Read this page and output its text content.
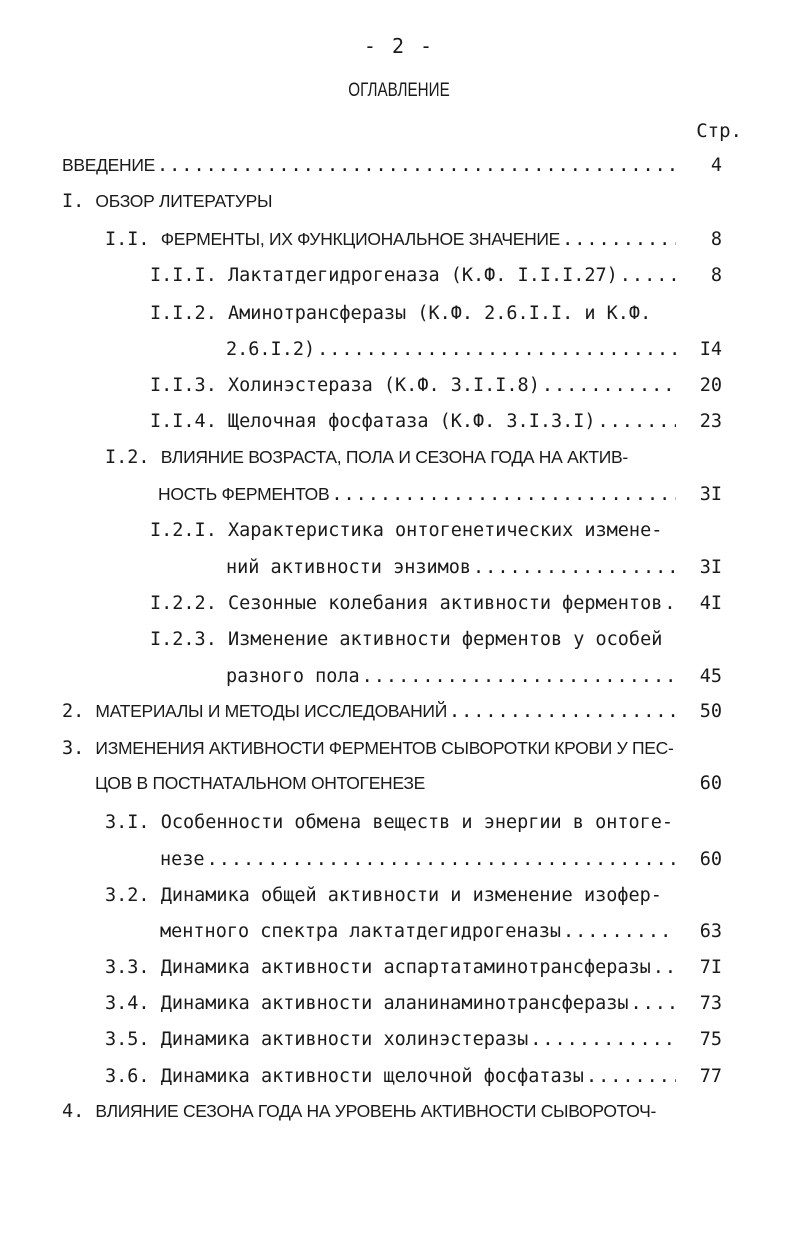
- 2 -
ОГЛАВЛЕНИЕ
Стр.
ВВЕДЕНИЕ .....	4
I. ОБЗОР ЛИТЕРАТУРЫ
I.I.
ФЕРМЕНТЫ, ИХ ФУНКЦИОНАЛЬНОЕ ЗНАЧЕНИЕ .....	8
I.I.I.
Лактатдегидрогеназа (К.Ф. I.I.I.27) .....	8
I.I.2. Аминотрансферазы (К.Ф. 2.6.I.I. и К.Ф.
2.6.I.2) .....	I4
I.I.3.
Холинэстераза (К.Ф. 3.I.I.8) .....	20
I.I.4.
Щелочная фосфатаза (К.Ф. 3.I.3.I) .....	23
I.2. ВЛИЯНИЕ ВОЗРАСТА, ПОЛА И СЕЗОНА ГОДА НА АКТИВ-
НОСТЬ ФЕРМЕНТОВ .....	3I
I.2.I. Характеристика онтогенетических измене-
ний активности энзимов .....	3I
I.2.2.
Сезонные колебания активности ферментов .....	4I
I.2.3. Изменение активности ферментов у особей
разного пола .....	45
2.
МАТЕРИАЛЫ И МЕТОДЫ ИССЛЕДОВАНИЙ .....	50
3. ИЗМЕНЕНИЯ АКТИВНОСТИ ФЕРМЕНТОВ СЫВОРОТКИ КРОВИ У ПЕС-
ЦОВ В ПОСТНАТАЛЬНОМ ОНТОГЕНЕЗЕ .....	60
3.I. Особенности обмена веществ и энергии в онтоге-
незе .....	60
3.2. Динамика общей активности и изменение изофер-
ментного спектра лактатдегидрогеназы .....	63
3.3.
Динамика активности аспартатаминотрансферазы .....	7I
3.4.
Динамика активности аланинаминотрансферазы .....	73
3.5.
Динамика активности холинэстеразы .....	75
3.6.
Динамика активности щелочной фосфатазы .....	77
4. ВЛИЯНИЕ СЕЗОНА ГОДА НА УРОВЕНЬ АКТИВНОСТИ СЫВОРОТОЧ-
